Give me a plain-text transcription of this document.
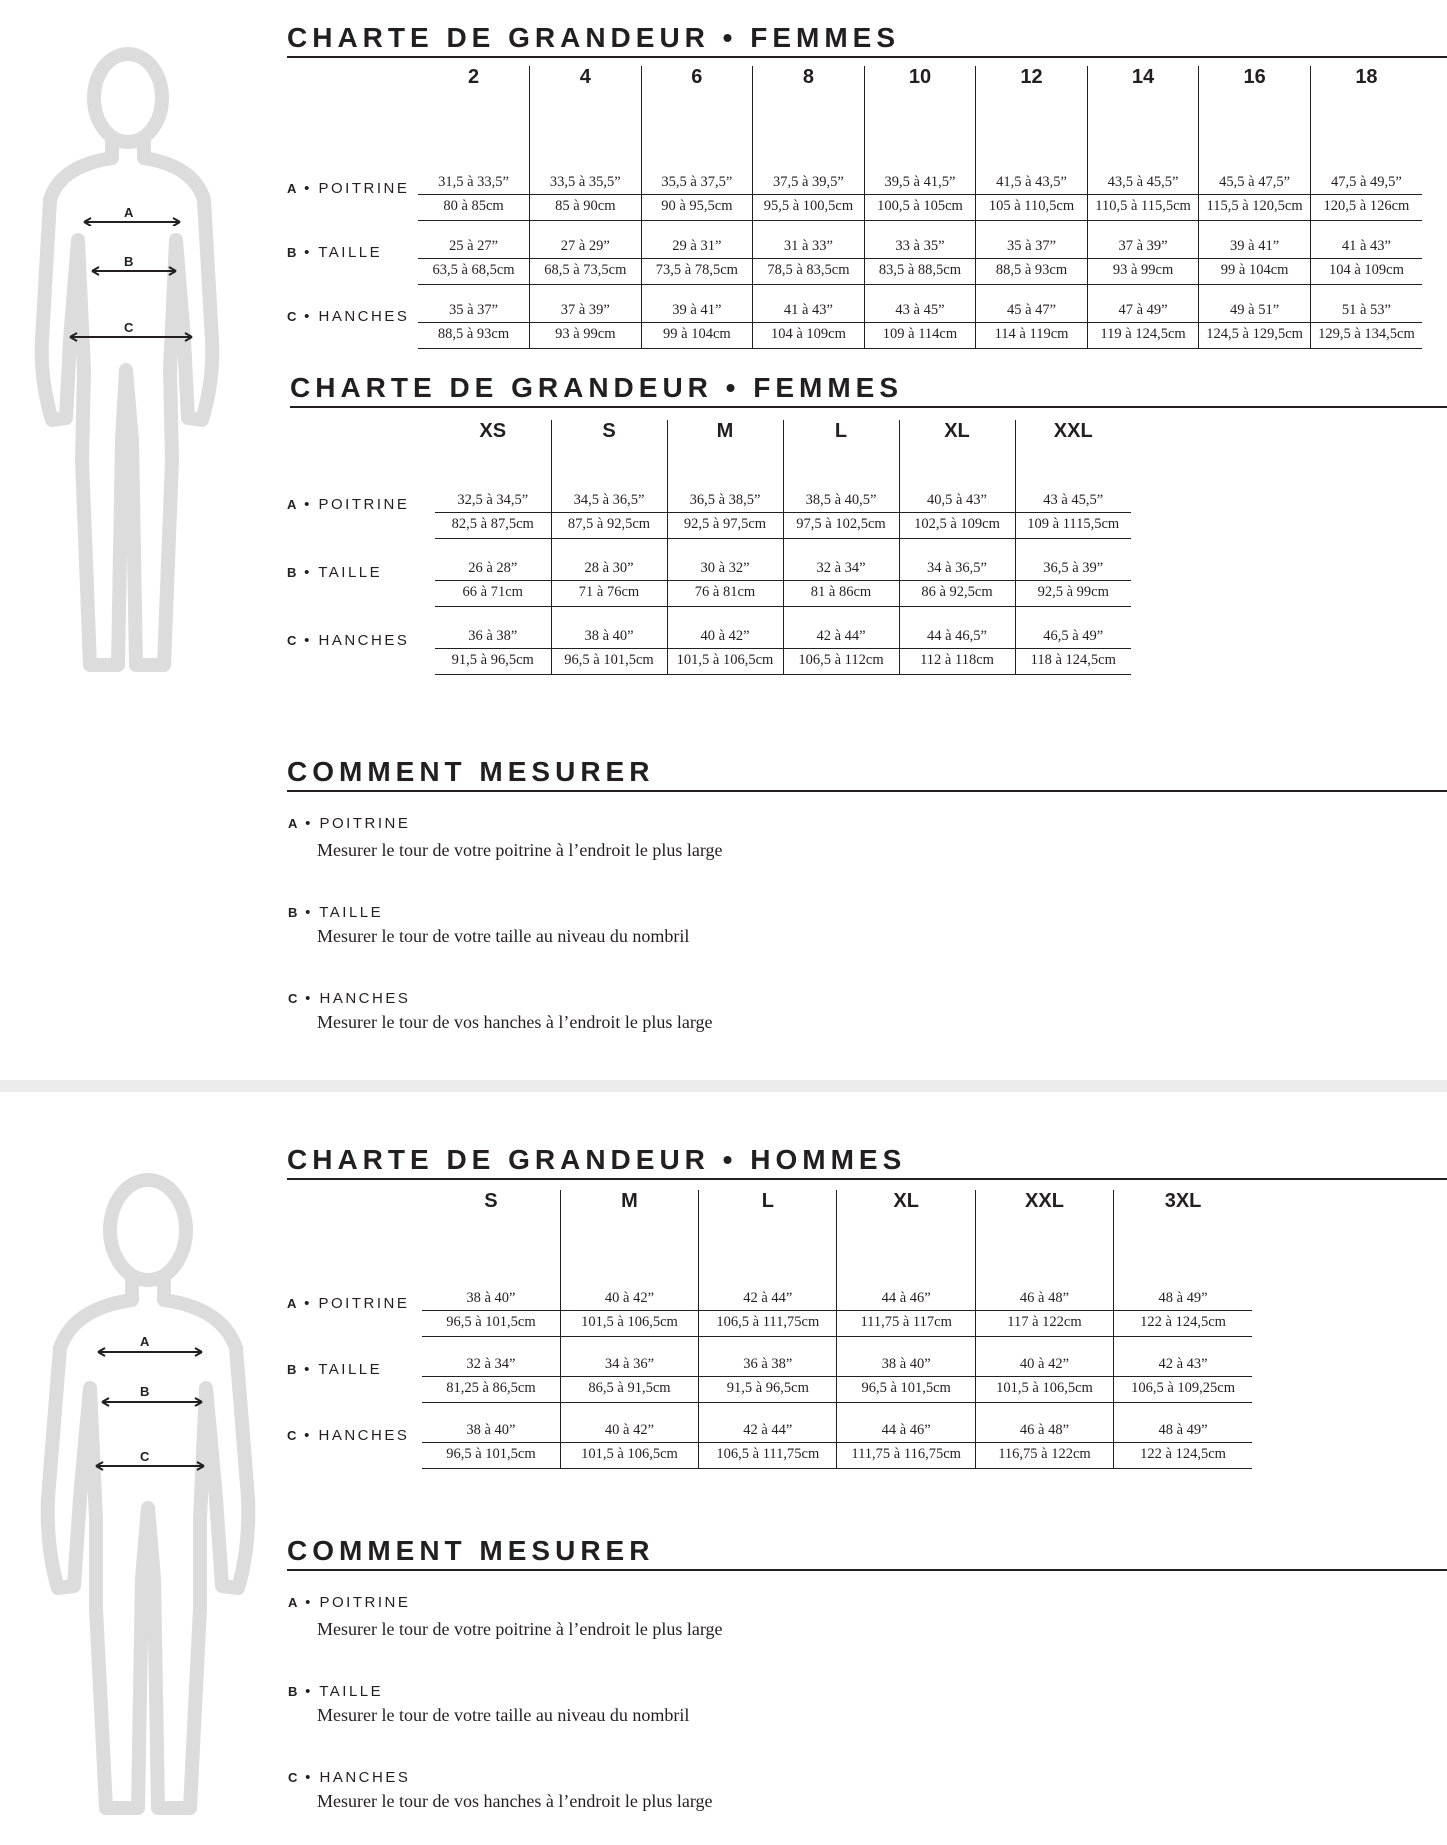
A
B
C
CHARTE DE GRANDEUR • FEMMES
	2	4	6	8	10	12	14	16	18
A • POITRINE	31,5 à 33,5”	33,5 à 35,5”	35,5 à 37,5”	37,5 à 39,5”	39,5 à 41,5”	41,5 à 43,5”	43,5 à 45,5”	45,5 à 47,5”	47,5 à 49,5”
	80 à 85cm	85 à 90cm	90 à 95,5cm	95,5 à 100,5cm	100,5 à 105cm	105 à 110,5cm	110,5 à 115,5cm	115,5 à 120,5cm	120,5 à 126cm
B • TAILLE	25 à 27”	27 à 29”	29 à 31”	31 à 33”	33 à 35”	35 à 37”	37 à 39”	39 à 41”	41 à 43”
	63,5 à 68,5cm	68,5 à 73,5cm	73,5 à 78,5cm	78,5 à 83,5cm	83,5 à 88,5cm	88,5 à 93cm	93 à 99cm	99 à 104cm	104 à 109cm
C • HANCHES	35 à 37”	37 à 39”	39 à 41”	41 à 43”	43 à 45”	45 à 47”	47 à 49”	49 à 51”	51 à 53”
	88,5 à 93cm	93 à 99cm	99 à 104cm	104 à 109cm	109 à 114cm	114 à 119cm	119 à 124,5cm	124,5 à 129,5cm	129,5 à 134,5cm
CHARTE DE GRANDEUR • FEMMES
	XS	S	M	L	XL	XXL
A • POITRINE	32,5 à 34,5”	34,5 à 36,5”	36,5 à 38,5”	38,5 à 40,5”	40,5 à 43”	43 à 45,5”
	82,5 à 87,5cm	87,5 à 92,5cm	92,5 à 97,5cm	97,5 à 102,5cm	102,5 à 109cm	109 à 1115,5cm
B • TAILLE	26 à 28”	28 à 30”	30 à 32”	32 à 34”	34 à 36,5”	36,5 à 39”
	66 à 71cm	71 à 76cm	76 à 81cm	81 à 86cm	86 à 92,5cm	92,5 à 99cm
C • HANCHES	36 à 38”	38 à 40”	40 à 42”	42 à 44”	44 à 46,5”	46,5 à 49”
	91,5 à 96,5cm	96,5 à 101,5cm	101,5 à 106,5cm	106,5 à 112cm	112 à 118cm	118 à 124,5cm
COMMENT MESURER
A • POITRINE
Mesurer le tour de votre poitrine à l’endroit le plus large
B • TAILLE
Mesurer le tour de votre taille au niveau du nombril
C • HANCHES
Mesurer le tour de vos hanches à l’endroit le plus large
A
B
C
CHARTE DE GRANDEUR • HOMMES
	S	M	L	XL	XXL	3XL
A • POITRINE	38 à 40”	40 à 42”	42 à 44”	44 à 46”	46 à 48”	48 à 49”
	96,5 à 101,5cm	101,5 à 106,5cm	106,5 à 111,75cm	111,75 à 117cm	117 à 122cm	122 à 124,5cm
B • TAILLE	32 à 34”	34 à 36”	36 à 38”	38 à 40”	40 à 42”	42 à 43”
	81,25 à 86,5cm	86,5 à 91,5cm	91,5 à 96,5cm	96,5 à 101,5cm	101,5 à 106,5cm	106,5 à 109,25cm
C • HANCHES	38 à 40”	40 à 42”	42 à 44”	44 à 46”	46 à 48”	48 à 49”
	96,5 à 101,5cm	101,5 à 106,5cm	106,5 à 111,75cm	111,75 à 116,75cm	116,75 à 122cm	122 à 124,5cm
COMMENT MESURER
A • POITRINE
Mesurer le tour de votre poitrine à l’endroit le plus large
B • TAILLE
Mesurer le tour de votre taille au niveau du nombril
C • HANCHES
Mesurer le tour de vos hanches à l’endroit le plus large
